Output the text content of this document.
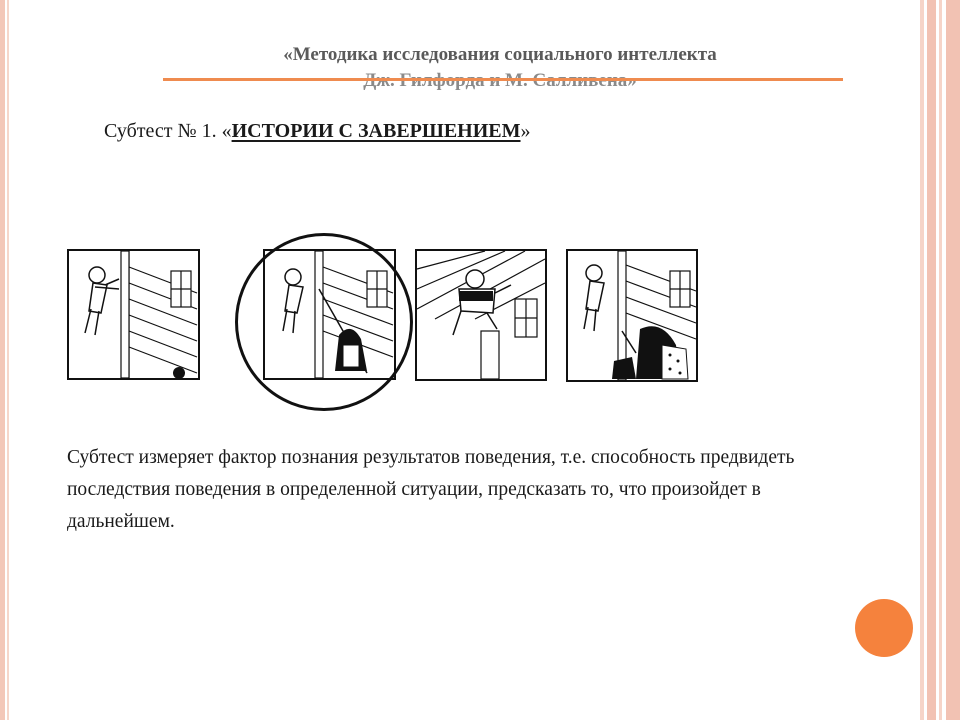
«Методика исследования социального интеллекта
Субтест № 1. «ИСТОРИИ С ЗАВЕРШЕНИЕМ»
Субтест измеряет фактор познания результатов поведения, т.е. способность предвидеть последствия поведения в определенной ситуации, предсказать то, что произойдет в дальнейшем.
